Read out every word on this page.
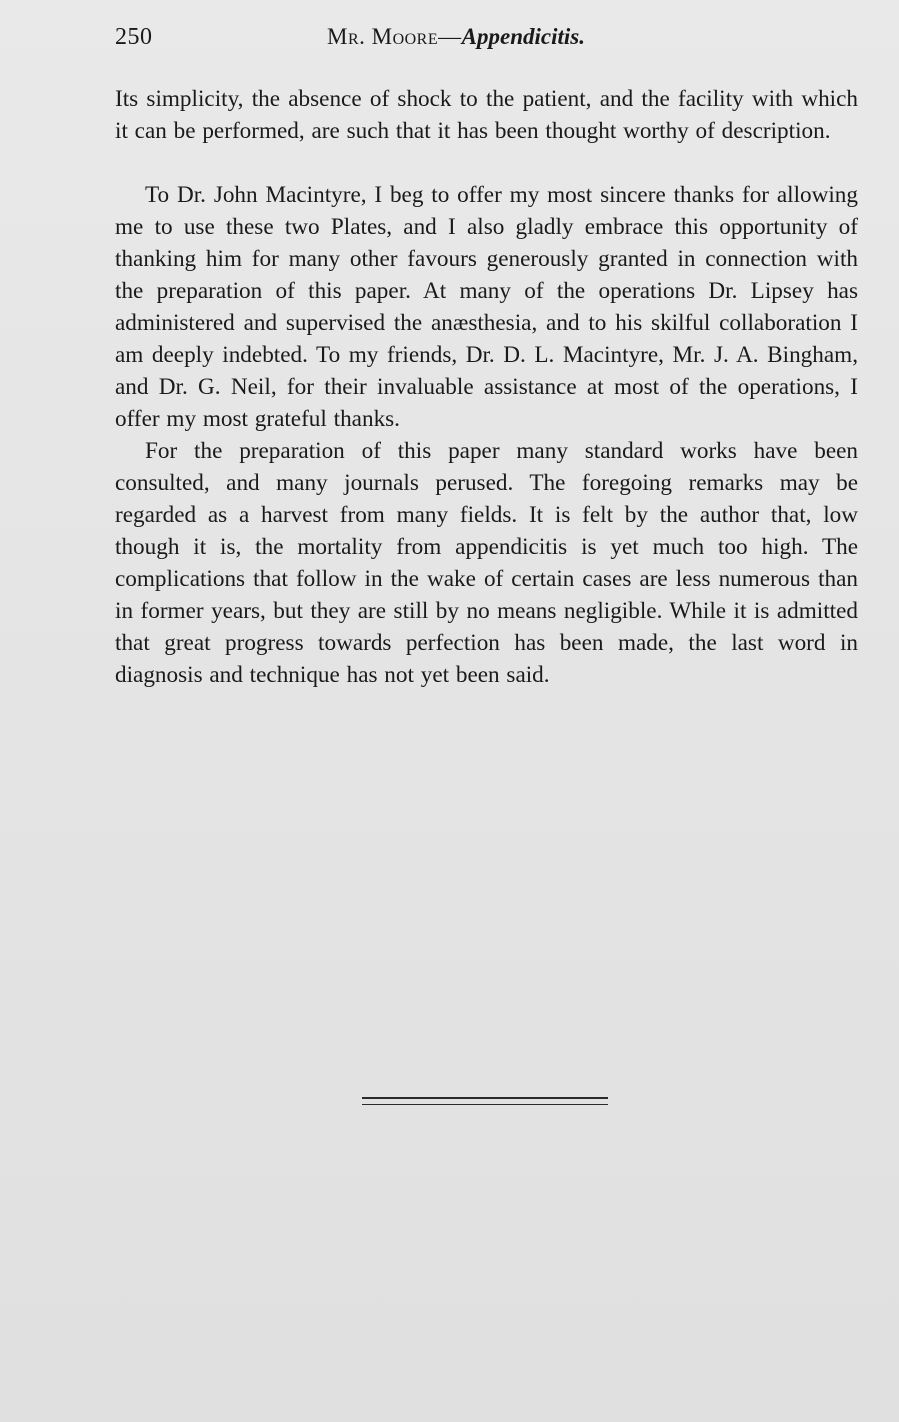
250	Mr. Moore—Appendicitis.

Its simplicity, the absence of shock to the patient, and the facility with which it can be performed, are such that it has been thought worthy of description.

To Dr. John Macintyre, I beg to offer my most sincere thanks for allowing me to use these two Plates, and I also gladly embrace this opportunity of thanking him for many other favours generously granted in connection with the preparation of this paper. At many of the operations Dr. Lipsey has administered and supervised the anæsthesia, and to his skilful collaboration I am deeply indebted. To my friends, Dr. D. L. Macintyre, Mr. J. A. Bingham, and Dr. G. Neil, for their invaluable assistance at most of the operations, I offer my most grateful thanks.

For the preparation of this paper many standard works have been consulted, and many journals perused. The foregoing remarks may be regarded as a harvest from many fields. It is felt by the author that, low though it is, the mortality from appendicitis is yet much too high. The complications that follow in the wake of certain cases are less numerous than in former years, but they are still by no means negligible. While it is admitted that great progress towards perfection has been made, the last word in diagnosis and technique has not yet been said.
